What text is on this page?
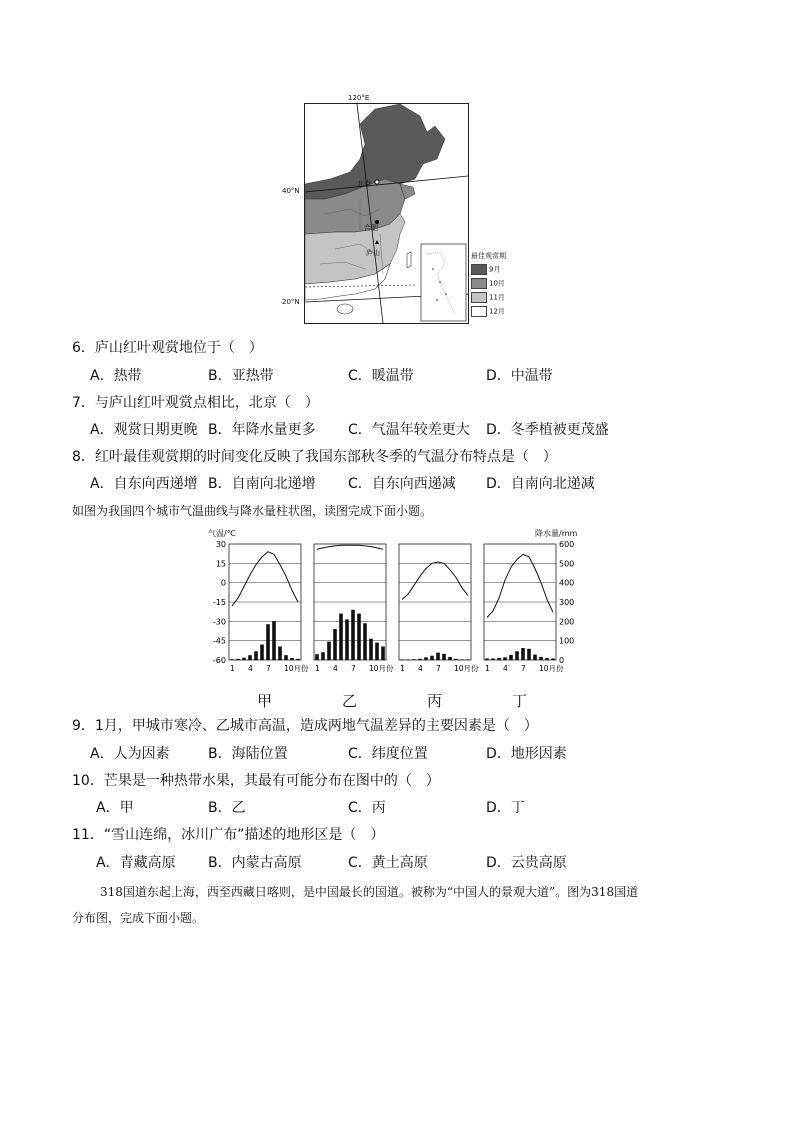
120°E
40°N
20°N
北京
合肥
庐山	最佳观赏期
9月
10月
11月
12月
6．庐山红叶观赏地位于（　）
A．热带	B．亚热带	C．暖温带	D．中温带
7．与庐山红叶观赏点相比，北京（　）
A．观赏日期更晚 B．年降水量更多 C．气温年较差更大 D．冬季植被更茂盛
8．红叶最佳观赏期的时间变化反映了我国东部秋冬季的气温分布特点是（　）
A．自东向西递增 B．自南向北递增 C．自东向西递减 D．自南向北递减
如图为我国四个城市气温曲线与降水量柱状图，读图完成下面小题。
气温/℃	降水量/mm
30
15
0
-15
-30
-45
-60
600
500
400
300
200
100
0
1 4 7 10月份 1 4 7 10月份 1 4 7 10月份 1 4 7 10月份
甲	乙	丙	丁
9．1月，甲城市寒冷、乙城市高温，造成两地气温差异的主要因素是（　）
A．人为因素	B．海陆位置	C．纬度位置	D．地形因素
10．芒果是一种热带水果，其最有可能分布在图中的（　）
A．甲	B．乙	C．丙	D．丁
11．“雪山连绵，冰川广布”描述的地形区是（　）
A．青藏高原 B．内蒙古高原	C．黄土高原	D．云贵高原
318国道东起上海，西至西藏日喀则，是中国最长的国道。被称为“中国人的景观大道”。图为318国道
分布图，完成下面小题。
